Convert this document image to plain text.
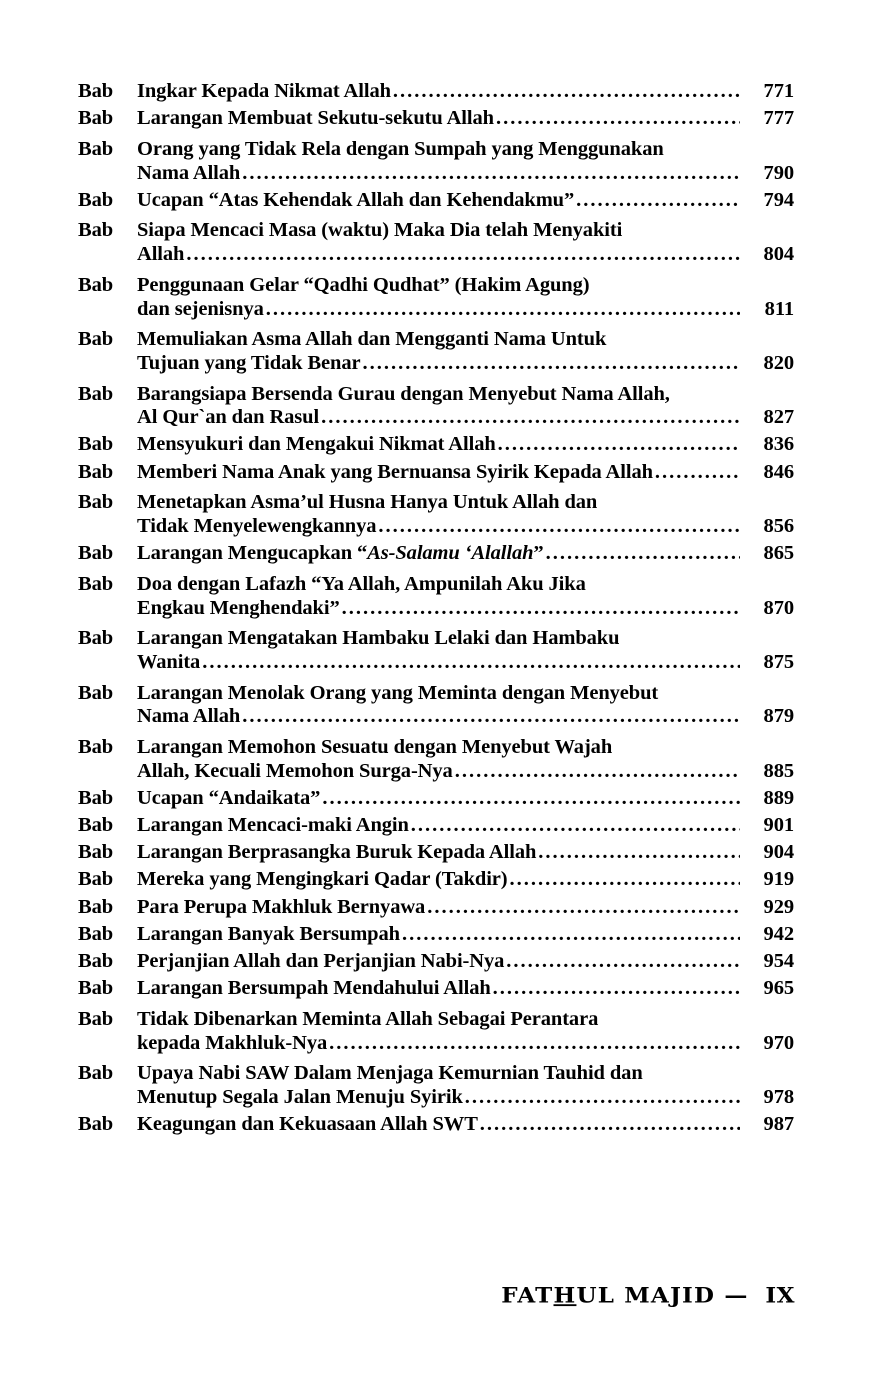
Bab	Ingkar Kepada Nikmat Allah .....	771
Bab	Larangan Membuat Sekutu-sekutu Allah .....	777
Bab	Orang yang Tidak Rela dengan Sumpah yang Menggunakan
Nama Allah .....	790
Bab	Ucapan “Atas Kehendak Allah dan Kehendakmu” .....	794
Bab	Siapa Mencaci Masa (waktu) Maka Dia telah Menyakiti
Allah .....	804
Bab	Penggunaan Gelar “Qadhi Qudhat” (Hakim Agung)
dan sejenisnya .....	811
Bab	Memuliakan Asma Allah dan Mengganti Nama Untuk
Tujuan yang Tidak Benar .....	820
Bab	Barangsiapa Bersenda Gurau dengan Menyebut Nama Allah,
Al Qur`an dan Rasul .....	827
Bab	Mensyukuri dan Mengakui Nikmat Allah .....	836
Bab	Memberi Nama Anak yang Bernuansa Syirik Kepada Allah .....	846
Bab	Menetapkan Asma’ul Husna Hanya Untuk Allah dan
Tidak Menyelewengkannya .....	856
Bab	Larangan Mengucapkan “As-Salamu ‘Alallah” .....	865
Bab	Doa dengan Lafazh “Ya Allah, Ampunilah Aku Jika
Engkau Menghendaki” .....	870
Bab	Larangan Mengatakan Hambaku Lelaki dan Hambaku
Wanita .....	875
Bab	Larangan Menolak Orang yang Meminta dengan Menyebut
Nama Allah .....	879
Bab	Larangan Memohon Sesuatu dengan Menyebut Wajah
Allah, Kecuali Memohon Surga-Nya .....	885
Bab	Ucapan “Andaikata” .....	889
Bab	Larangan Mencaci-maki Angin .....	901
Bab	Larangan Berprasangka Buruk Kepada Allah .....	904
Bab	Mereka yang Mengingkari Qadar (Takdir) .....	919
Bab	Para Perupa Makhluk Bernyawa .....	929
Bab	Larangan Banyak Bersumpah .....	942
Bab	Perjanjian Allah dan Perjanjian Nabi-Nya .....	954
Bab	Larangan Bersumpah Mendahului Allah .....	965
Bab	Tidak Dibenarkan Meminta Allah Sebagai Perantara
kepada Makhluk-Nya .....	970
Bab	Upaya Nabi SAW Dalam Menjaga Kemurnian Tauhid dan
Menutup Segala Jalan Menuju Syirik .....	978
Bab	Keagungan dan Kekuasaan Allah SWT .....	987
FATHUL MAJID — IX
